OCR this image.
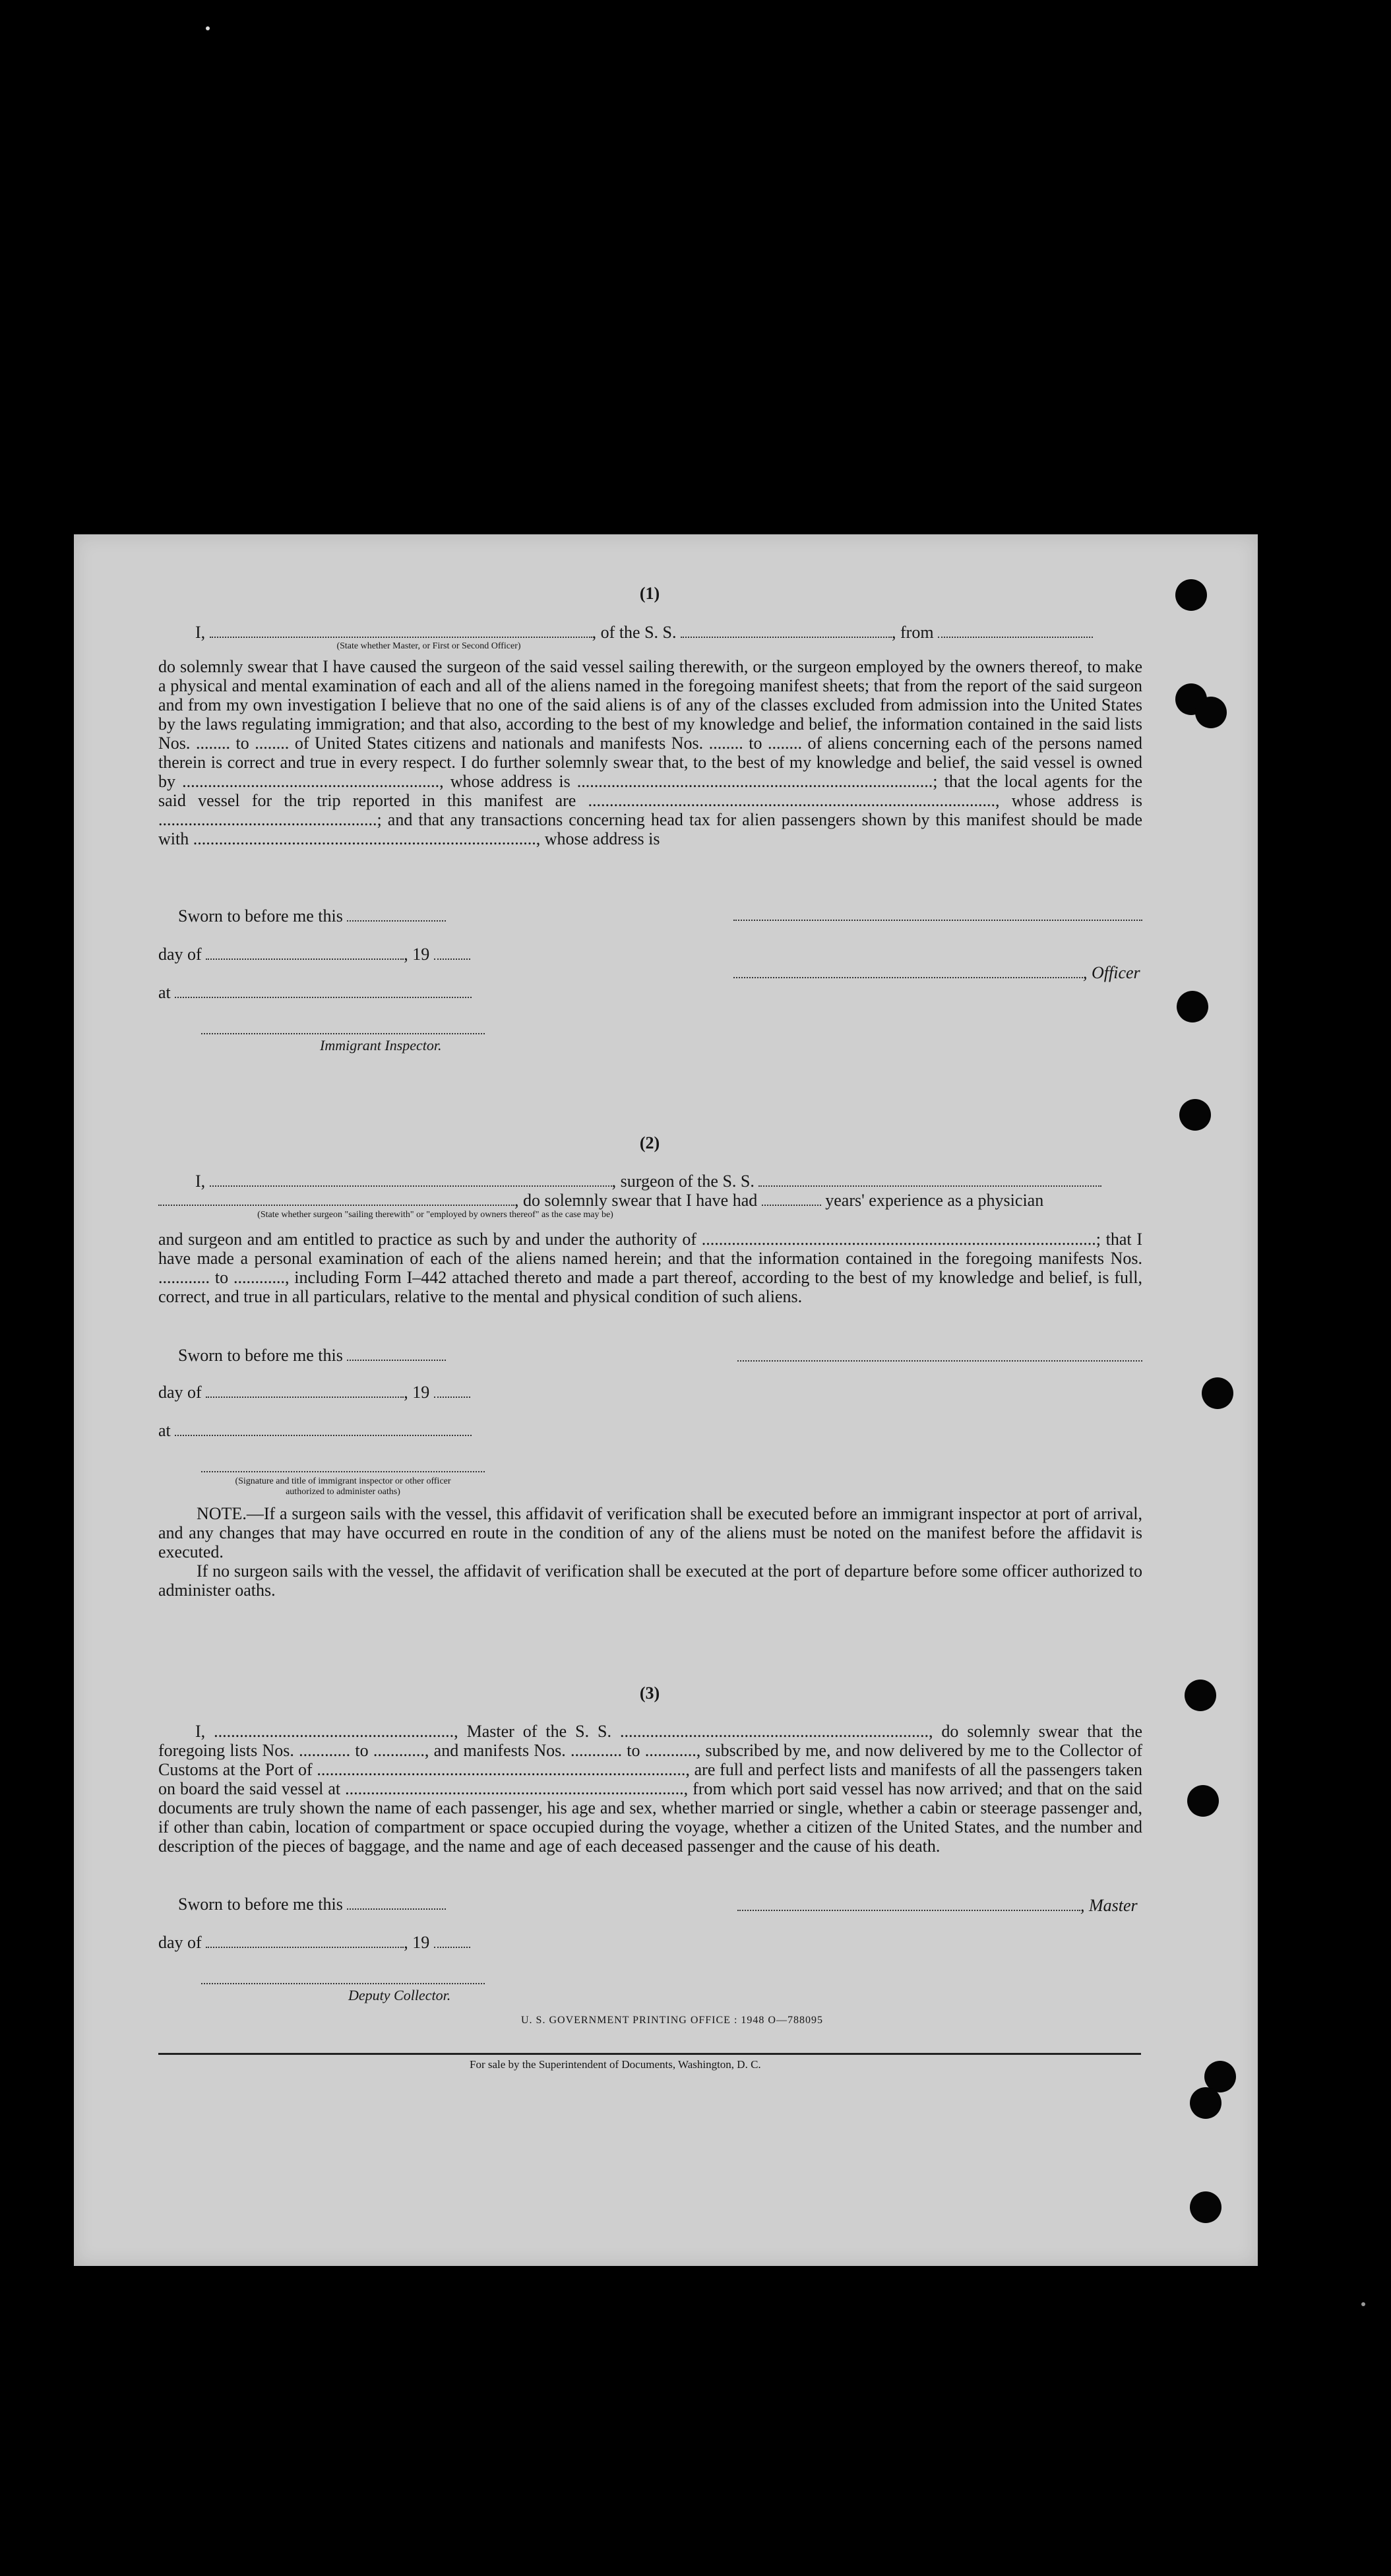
(1)
I,	, of the S. S.	, from
(State whether Master, or First or Second Officer)
do solemnly swear that I have caused the surgeon of the said vessel sailing therewith, or the surgeon employed by the owners thereof, to make a physical and mental examination of each and all of the aliens named in the foregoing manifest sheets; that from the report of the said surgeon and from my own investigation I believe that no one of the said aliens is of any of the classes excluded from admission into the United States by the laws regulating immigration; and that also, according to the best of my knowledge and belief, the information contained in the said lists Nos. ........ to ........ of United States citizens and nationals and manifests Nos. ........ to ........ of aliens concerning each of the persons named therein is correct and true in every respect. I do further solemnly swear that, to the best of my knowledge and belief, the said vessel is owned by ............................................................, whose address is ...................................................................................; that the local agents for the said vessel for the trip reported in this manifest are ..............................................................................................., whose address is ...................................................; and that any transactions concerning head tax for alien passengers shown by this manifest should be made with ................................................................................, whose address is
Sworn to before me this
day of	, 19
, Officer
at
Immigrant Inspector.
(2)
I,	, surgeon of the S. S.
, do solemnly swear that I have had	years' experience as a physician
(State whether surgeon "sailing therewith" or "employed by owners thereof" as the case may be)
and surgeon and am entitled to practice as such by and under the authority of ............................................................................................; that I have made a personal examination of each of the aliens named herein; and that the information contained in the foregoing manifests Nos. ............ to ............, including Form I–442 attached thereto and made a part thereof, according to the best of my knowledge and belief, is full, correct, and true in all particulars, relative to the mental and physical condition of such aliens.
Sworn to before me this
day of	, 19
at
(Signature and title of immigrant inspector or other officer authorized to administer oaths)
NOTE.—If a surgeon sails with the vessel, this affidavit of verification shall be executed before an immigrant inspector at port of arrival, and any changes that may have occurred en route in the condition of any of the aliens must be noted on the manifest before the affidavit is executed.
If no surgeon sails with the vessel, the affidavit of verification shall be executed at the port of departure before some officer authorized to administer oaths.
(3)
I, ........................................................, Master of the S. S. ........................................................................, do solemnly swear that the foregoing lists Nos. ............ to ............, and manifests Nos. ............ to ............, subscribed by me, and now delivered by me to the Collector of Customs at the Port of ......................................................................................, are full and perfect lists and manifests of all the passengers taken on board the said vessel at ..............................................................................., from which port said vessel has now arrived; and that on the said documents are truly shown the name of each passenger, his age and sex, whether married or single, whether a cabin or steerage passenger and, if other than cabin, location of compartment or space occupied during the voyage, whether a citizen of the United States, and the number and description of the pieces of baggage, and the name and age of each deceased passenger and the cause of his death.
Sworn to before me this	, Master
day of	, 19
Deputy Collector.
U. S. GOVERNMENT PRINTING OFFICE : 1948 O—788095
For sale by the Superintendent of Documents, Washington, D. C.
